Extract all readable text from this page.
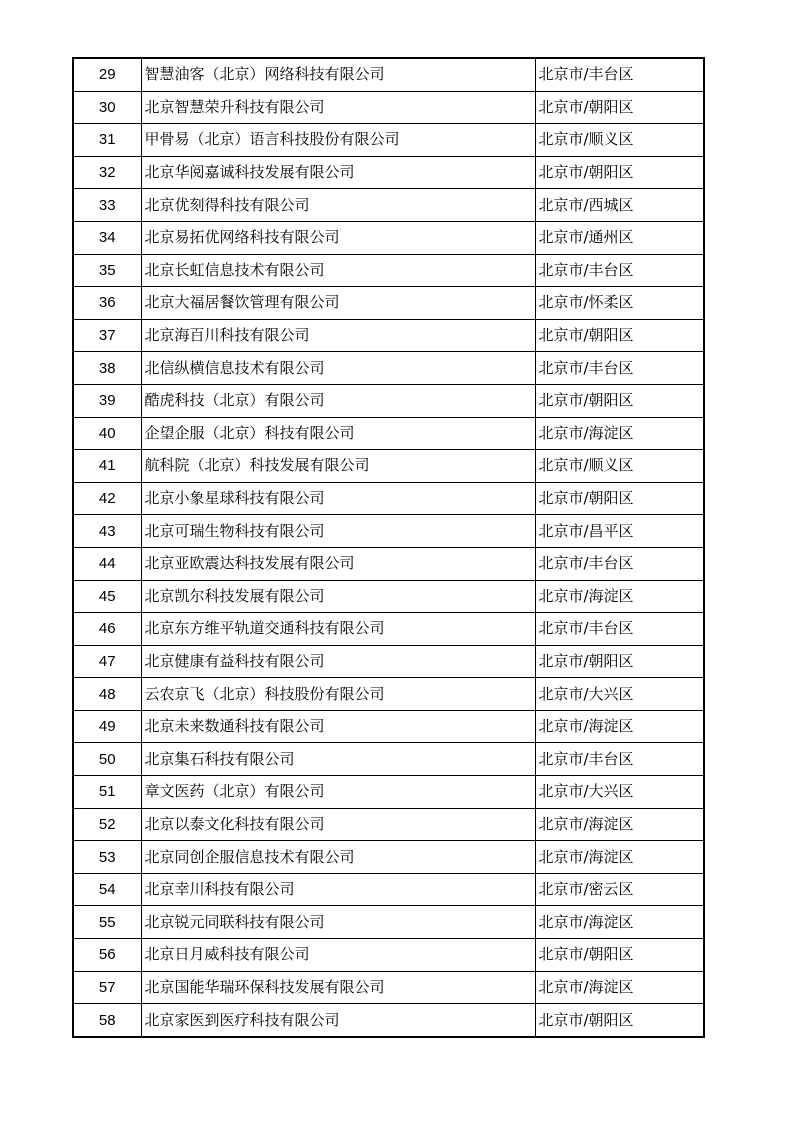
29	智慧油客（北京）网络科技有限公司	北京市/丰台区
30	北京智慧荣升科技有限公司	北京市/朝阳区
31	甲骨易（北京）语言科技股份有限公司	北京市/顺义区
32	北京华阅嘉诚科技发展有限公司	北京市/朝阳区
33	北京优刻得科技有限公司	北京市/西城区
34	北京易拓优网络科技有限公司	北京市/通州区
35	北京长虹信息技术有限公司	北京市/丰台区
36	北京大福居餐饮管理有限公司	北京市/怀柔区
37	北京海百川科技有限公司	北京市/朝阳区
38	北信纵横信息技术有限公司	北京市/丰台区
39	酷虎科技（北京）有限公司	北京市/朝阳区
40	企望企服（北京）科技有限公司	北京市/海淀区
41	航科院（北京）科技发展有限公司	北京市/顺义区
42	北京小象星球科技有限公司	北京市/朝阳区
43	北京可瑞生物科技有限公司	北京市/昌平区
44	北京亚欧震达科技发展有限公司	北京市/丰台区
45	北京凯尔科技发展有限公司	北京市/海淀区
46	北京东方维平轨道交通科技有限公司	北京市/丰台区
47	北京健康有益科技有限公司	北京市/朝阳区
48	云农京飞（北京）科技股份有限公司	北京市/大兴区
49	北京未来数通科技有限公司	北京市/海淀区
50	北京集石科技有限公司	北京市/丰台区
51	章文医药（北京）有限公司	北京市/大兴区
52	北京以泰文化科技有限公司	北京市/海淀区
53	北京同创企服信息技术有限公司	北京市/海淀区
54	北京幸川科技有限公司	北京市/密云区
55	北京锐元同联科技有限公司	北京市/海淀区
56	北京日月威科技有限公司	北京市/朝阳区
57	北京国能华瑞环保科技发展有限公司	北京市/海淀区
58	北京家医到医疗科技有限公司	北京市/朝阳区
